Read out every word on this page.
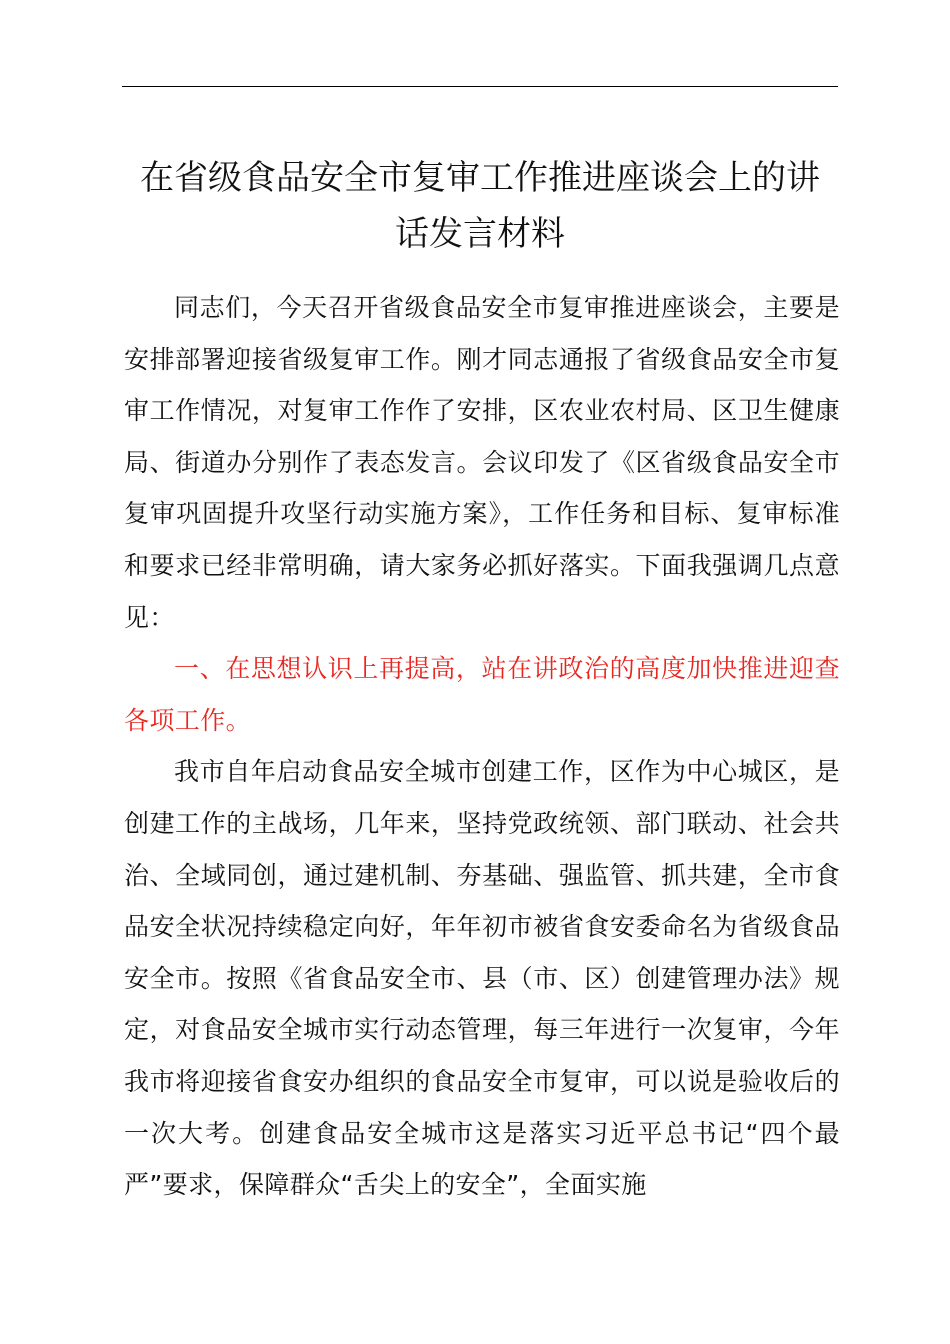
在省级食品安全市复审工作推进座谈会上的讲
话发言材料

同志们，今天召开省级食品安全市复审推进座谈会，主要是安排部署迎接省级复审工作。刚才同志通报了省级食品安全市复审工作情况，对复审工作作了安排，区农业农村局、区卫生健康局、街道办分别作了表态发言。会议印发了《区省级食品安全市复审巩固提升攻坚行动实施方案》，工作任务和目标、复审标准和要求已经非常明确，请大家务必抓好落实。下面我强调几点意见：

一、在思想认识上再提高，站在讲政治的高度加快推进迎查各项工作。

我市自年启动食品安全城市创建工作，区作为中心城区，是创建工作的主战场，几年来，坚持党政统领、部门联动、社会共治、全域同创，通过建机制、夯基础、强监管、抓共建，全市食品安全状况持续稳定向好，年年初市被省食安委命名为省级食品安全市。按照《省食品安全市、县（市、区）创建管理办法》规定，对食品安全城市实行动态管理，每三年进行一次复审，今年我市将迎接省食安办组织的食品安全市复审，可以说是验收后的一次大考。创建食品安全城市这是落实习近平总书记“四个最严”要求，保障群众“舌尖上的安全”，全面实施
